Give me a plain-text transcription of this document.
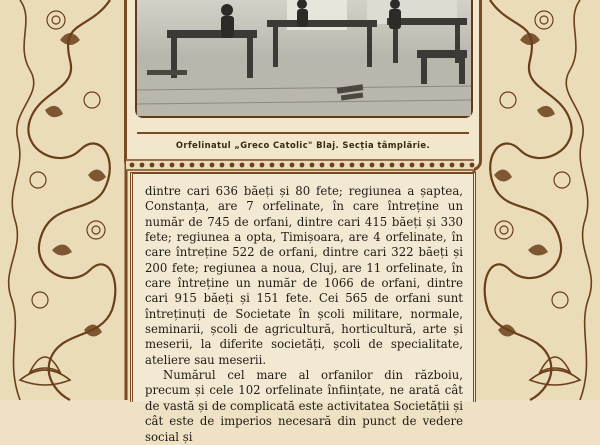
Orfelinatul „Greco Catolic" Blaj. Secția tâmplărie.

dintre cari 636 băeți și 80 fete; regiunea a șaptea, Constanța, are 7 orfelinate, în care întreține un număr de 745 de orfani, dintre cari 415 băeți și 330 fete; regiunea a opta, Timișoara, are 4 orfelinate, în care întreține 522 de orfani, dintre cari 322 băeți și 200 fete; regiunea a noua, Cluj, are 11 orfelinate, în care întreține un număr de 1066 de orfani, dintre cari 915 băeți și 151 fete. Cei 565 de orfani sunt întreținuți de Societate în școli militare, normale, seminarii, școli de agricultură, horticultură, arte și meserii, la diferite societăți, școli de specialitate, ateliere sau meserii.

Numărul cel mare al orfanilor din războiu, precum și cele 102 orfelinate înființate, ne arată cât de vastă și de complicată este activitatea Societății și cât este de imperios necesară din punct de vedere social și
